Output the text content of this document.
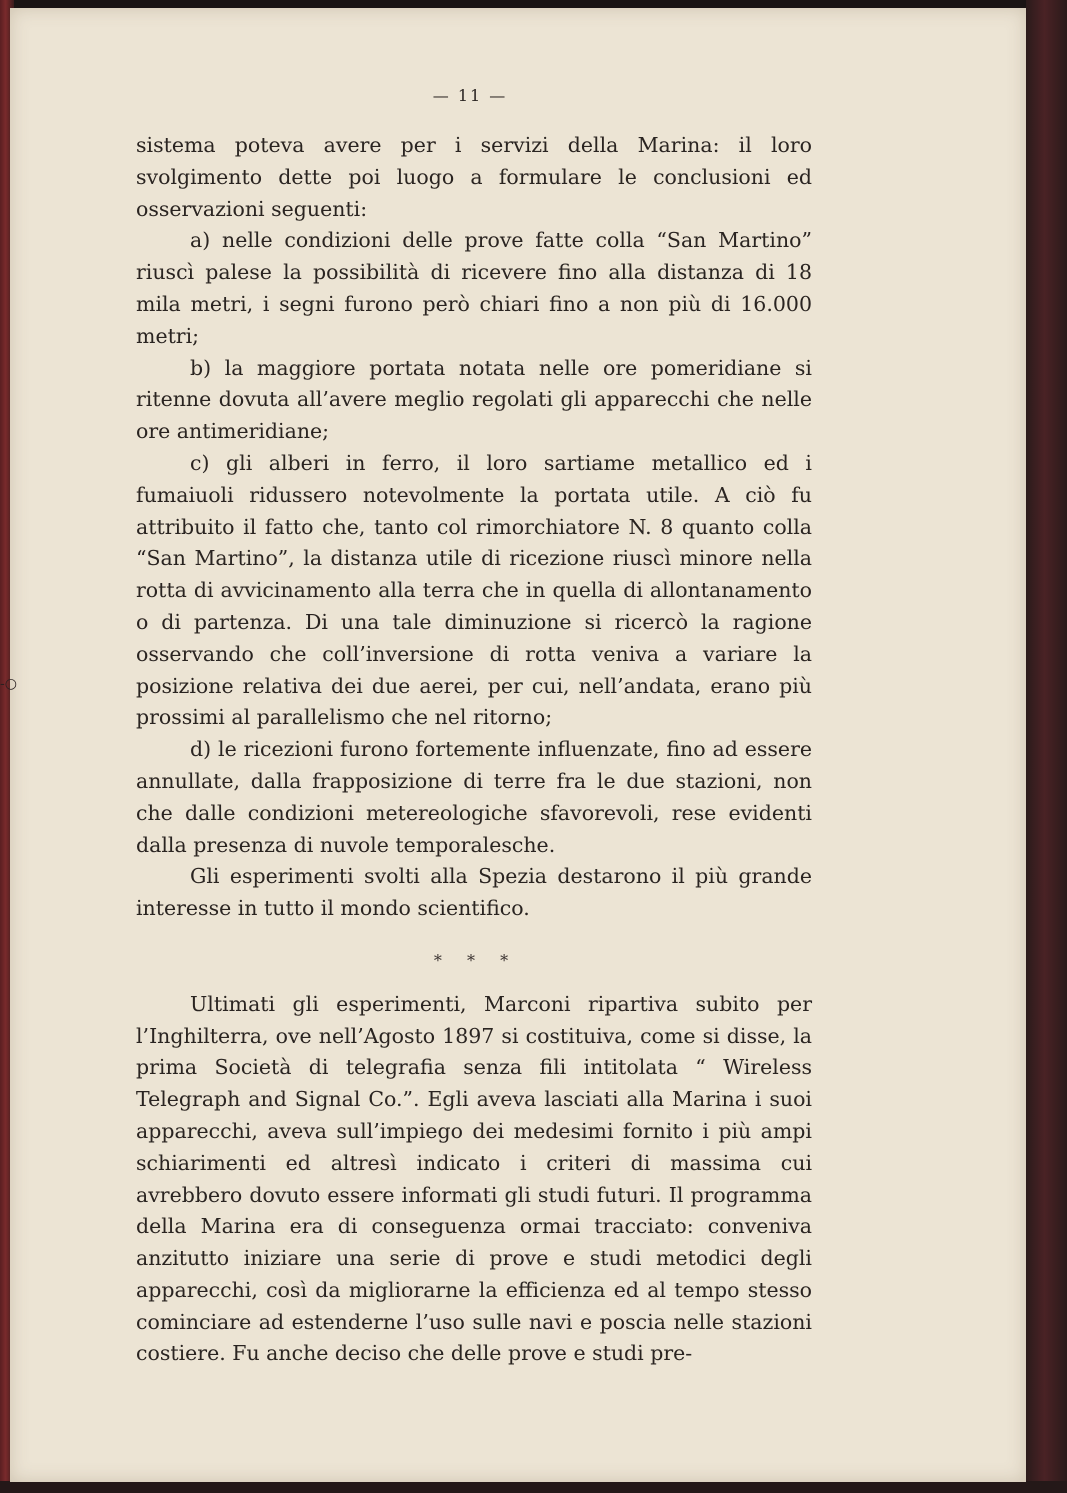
-○
— 11 —

sistema poteva avere per i servizi della Marina: il loro svolgimento dette poi luogo a formulare le conclusioni ed osservazioni seguenti:

a) nelle condizioni delle prove fatte colla “San Martino” riuscì palese la possibilità di ricevere fino alla distanza di 18 mila metri, i segni furono però chiari fino a non più di 16.000 metri;

b) la maggiore portata notata nelle ore pomeridiane si ritenne dovuta all’avere meglio regolati gli apparecchi che nelle ore antimeridiane;

c) gli alberi in ferro, il loro sartiame metallico ed i fumaiuoli ridussero notevolmente la portata utile. A ciò fu attribuito il fatto che, tanto col rimorchiatore N. 8 quanto colla “San Martino”, la distanza utile di ricezione riuscì minore nella rotta di avvicinamento alla terra che in quella di allontanamento o di partenza. Di una tale diminuzione si ricercò la ragione osservando che coll’inversione di rotta veniva a variare la posizione relativa dei due aerei, per cui, nell’andata, erano più prossimi al parallelismo che nel ritorno;

d) le ricezioni furono fortemente influenzate, fino ad essere annullate, dalla frapposizione di terre fra le due stazioni, non che dalle condizioni metereologiche sfavorevoli, rese evidenti dalla presenza di nuvole temporalesche.

Gli esperimenti svolti alla Spezia destarono il più grande interesse in tutto il mondo scientifico.

* * *

Ultimati gli esperimenti, Marconi ripartiva subito per l’Inghilterra, ove nell’Agosto 1897 si costituiva, come si disse, la prima Società di telegrafia senza fili intitolata “ Wireless Telegraph and Signal Co.”. Egli aveva lasciati alla Marina i suoi apparecchi, aveva sull’impiego dei medesimi fornito i più ampi schiarimenti ed altresì indicato i criteri di massima cui avrebbero dovuto essere informati gli studi futuri. Il programma della Marina era di conseguenza ormai tracciato: conveniva anzitutto iniziare una serie di prove e studi metodici degli apparecchi, così da migliorarne la efficienza ed al tempo stesso cominciare ad estenderne l’uso sulle navi e poscia nelle stazioni costiere. Fu anche deciso che delle prove e studi pre-
